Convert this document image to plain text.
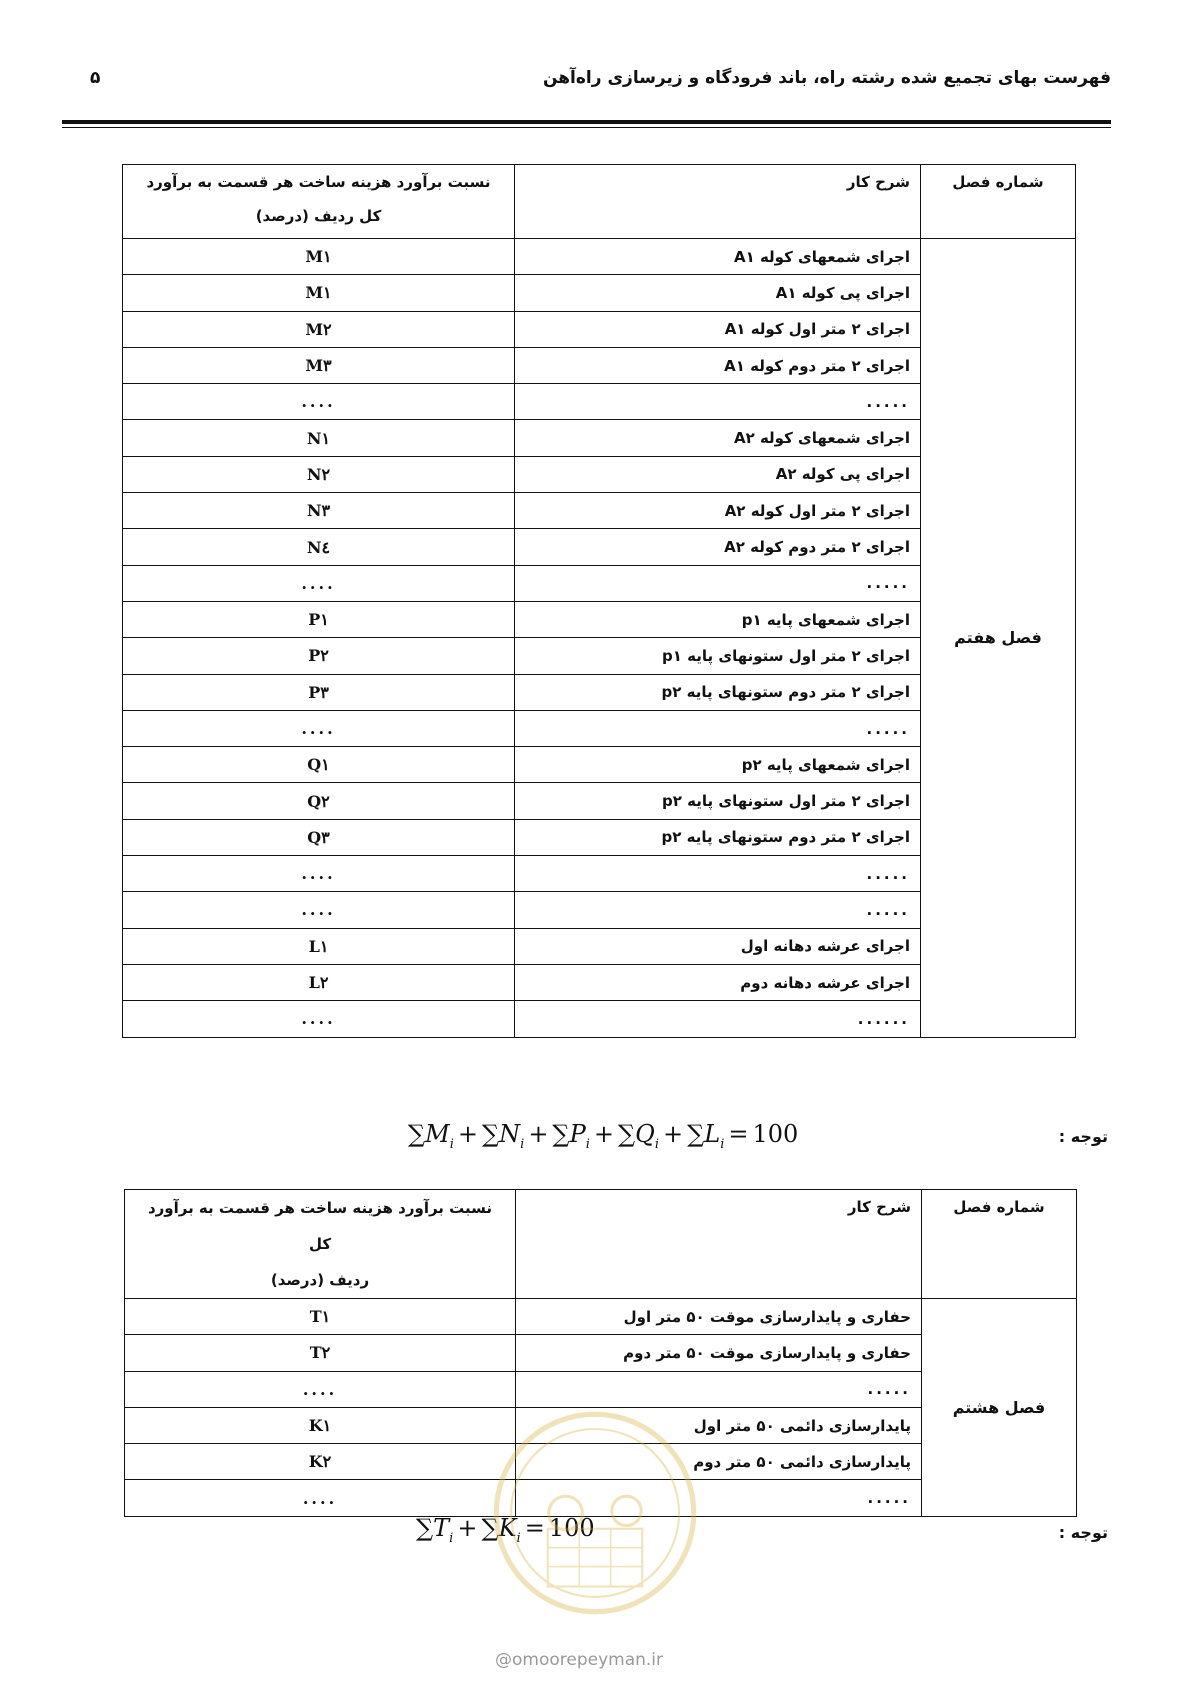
فهرست بهای تجمیع شده رشته راه، باند فرودگاه و زیرسازی راه‌آهن
۵
شماره فصل	شرح کار	نسبت برآورد هزینه ساخت هر قسمت به برآورد
کل ردیف (درصد)

فصل هفتم	اجرای شمعهای کوله A۱	M۱
	اجرای پی کوله A۱	M۱
	اجرای ۲ متر اول کوله A۱	M۲
	اجرای ۲ متر دوم کوله A۱	M۳
	.....	....
	اجرای شمعهای کوله A۲	N۱
	اجرای پی کوله A۲	N۲
	اجرای ۲ متر اول کوله A۲	N۳
	اجرای ۲ متر دوم کوله A۲	N٤
	.....	....
	اجرای شمعهای پایه p۱	P۱
	اجرای ۲ متر اول ستونهای پایه p۱	P۲
	اجرای ۲ متر دوم ستونهای پایه p۲	P۳
	.....	....
	اجرای شمعهای پایه p۲	Q۱
	اجرای ۲ متر اول ستونهای پایه p۲	Q۲
	اجرای ۲ متر دوم ستونهای پایه p۲	Q۳
	.....	....
	.....	....
	اجرای عرشه دهانه اول	L۱
	اجرای عرشه دهانه دوم	L۲
	......	....
توجه :
$\sum M_i + \sum N_i + \sum P_i + \sum Q_i + \sum L_i = 100$
شماره فصل	شرح کار	نسبت برآورد هزینه ساخت هر قسمت به برآورد کل
ردیف (درصد)

فصل هشتم	حفاری و پایدارسازی موقت ۵۰ متر اول	T۱
	حفاری و پایدارسازی موقت ۵۰ متر دوم	T۲
	.....	....
	پایدارسازی دائمی ۵۰ متر اول	K۱
	پایدارسازی دائمی ۵۰ متر دوم	K۲
	.....	....
توجه :
$\sum T_i + \sum K_i = 100$
@omoorepeyman.ir
